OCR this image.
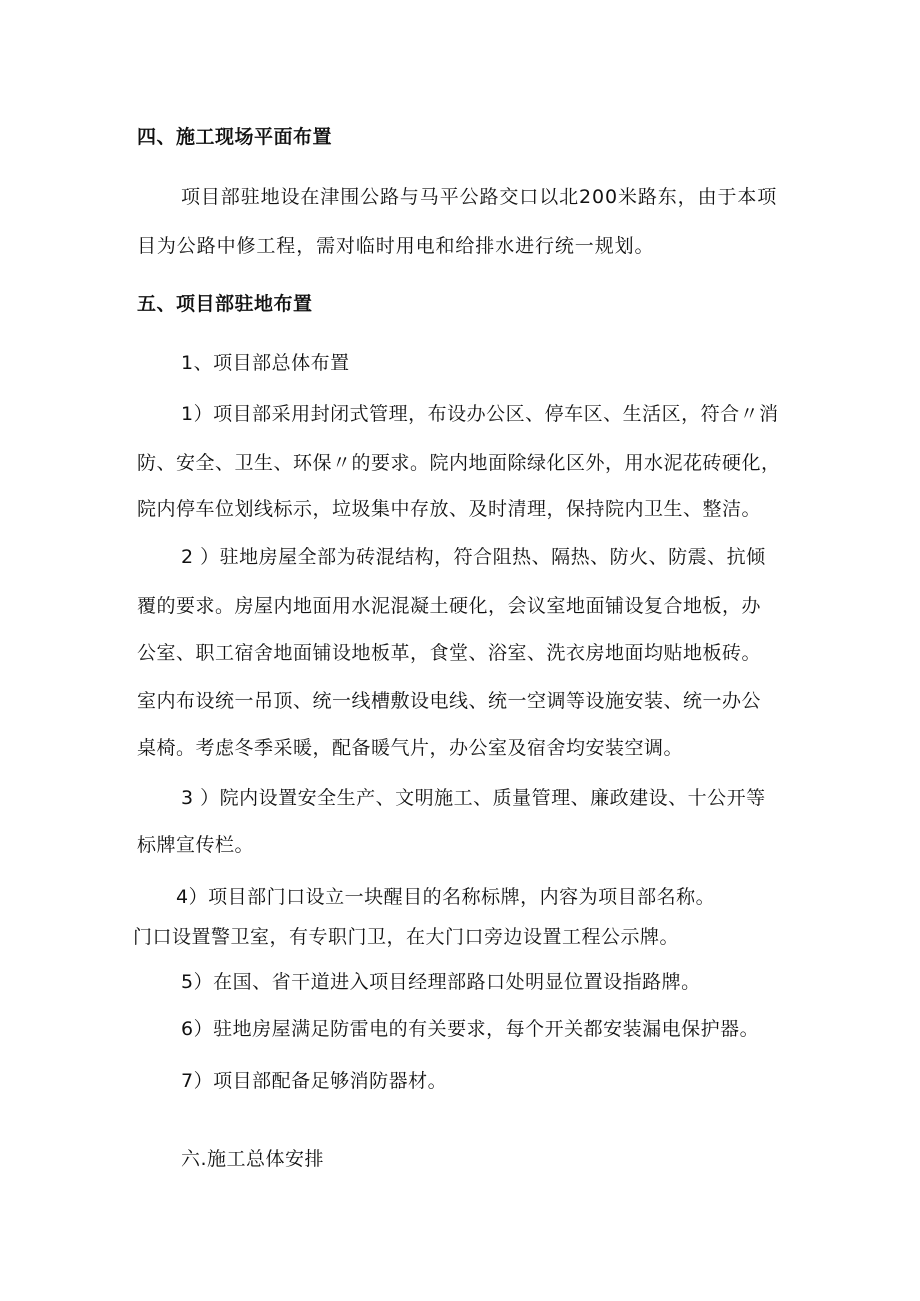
四、施工现场平面布置
项目部驻地设在津围公路与马平公路交口以北200米路东，由于本项
目为公路中修工程，需对临时用电和给排水进行统一规划。
五、项目部驻地布置
1、项目部总体布置
1）项目部采用封闭式管理，布设办公区、停车区、生活区，符合〃消
防、安全、卫生、环保〃的要求。院内地面除绿化区外，用水泥花砖硬化，
院内停车位划线标示，垃圾集中存放、及时清理，保持院内卫生、整洁。
2 ）驻地房屋全部为砖混结构，符合阻热、隔热、防火、防震、抗倾
覆的要求。房屋内地面用水泥混凝土硬化，会议室地面铺设复合地板，办
公室、职工宿舍地面铺设地板革，食堂、浴室、洗衣房地面均贴地板砖。
室内布设统一吊顶、统一线槽敷设电线、统一空调等设施安装、统一办公
桌椅。考虑冬季采暖，配备暖气片，办公室及宿舍均安装空调。
3 ）院内设置安全生产、文明施工、质量管理、廉政建设、十公开等
标牌宣传栏。
4）项目部门口设立一块醒目的名称标牌，内容为项目部名称。
门口设置警卫室，有专职门卫，在大门口旁边设置工程公示牌。
5）在国、省干道进入项目经理部路口处明显位置设指路牌。
6）驻地房屋满足防雷电的有关要求，每个开关都安装漏电保护器。
7）项目部配备足够消防器材。
六.施工总体安排
